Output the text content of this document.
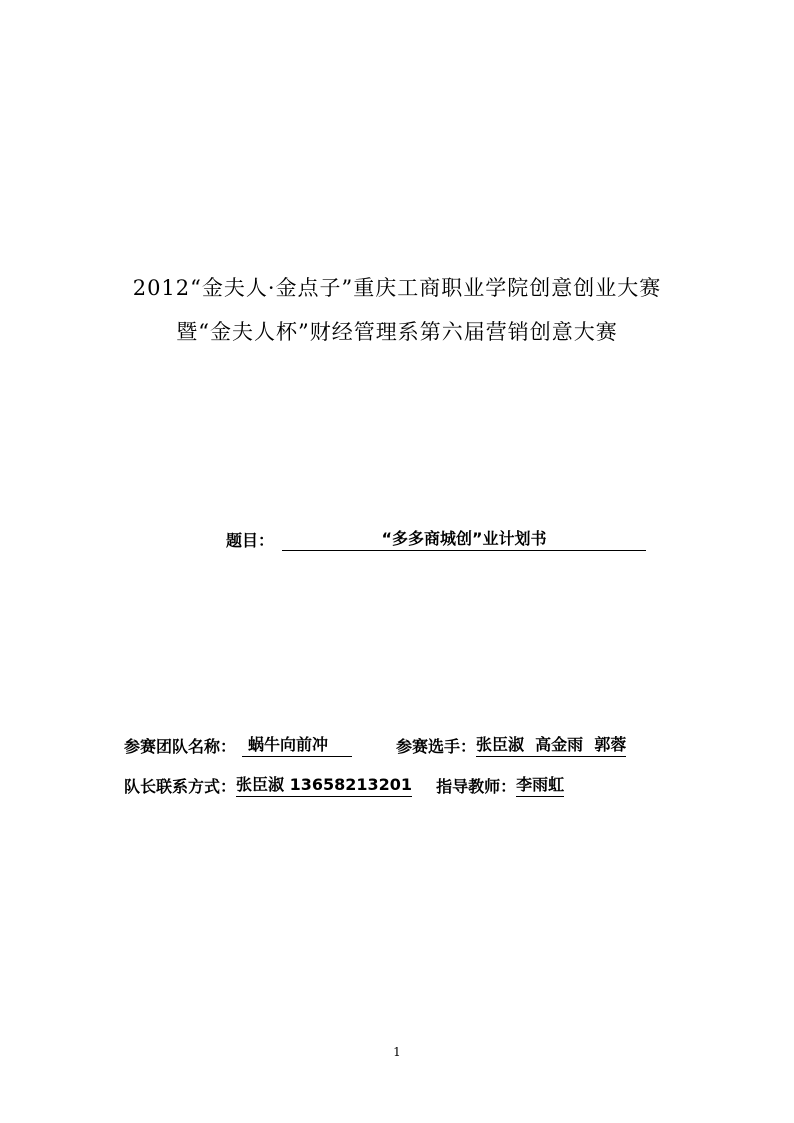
2012“金夫人·金点子”重庆工商职业学院创意创业大赛
暨“金夫人杯”财经管理系第六届营销创意大赛
题目：	“多多商城创”业计划书
参赛团队名称： 蜗牛向前冲	参赛选手： 张臣淑  高金雨  郭蓉
队长联系方式： 张臣淑 13658213201 指导教师： 李雨虹
1
